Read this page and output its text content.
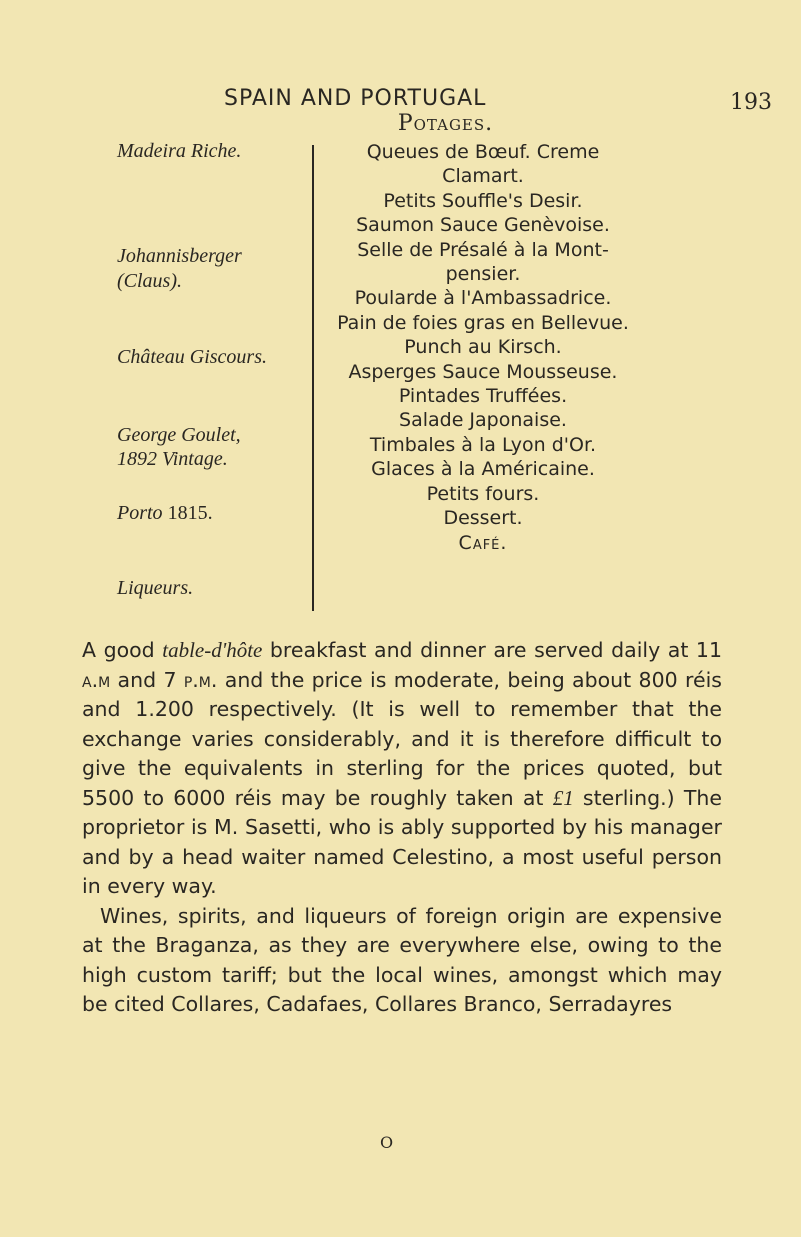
SPAIN AND PORTUGAL	193
Potages.
Madeira Riche.
Johannisberger
(Claus).
Château Giscours.
George Goulet,
1892 Vintage.
Porto 1815.
Liqueurs.
Queues de Bœuf. Creme
Clamart.
Petits Souffle's Desir.
Saumon Sauce Genèvoise.
Selle de Présalé à la Mont-
pensier.
Poularde à l'Ambassadrice.
Pain de foies gras en Bellevue.
Punch au Kirsch.
Asperges Sauce Mousseuse.
Pintades Truffées.
Salade Japonaise.
Timbales à la Lyon d'Or.
Glaces à la Américaine.
Petits fours.
Dessert.
Café.

A good table-d'hôte breakfast and dinner are served daily at 11 a.m and 7 p.m. and the price is moderate, being about 800 réis and 1.200 respectively. (It is well to remember that the exchange varies considerably, and it is therefore difficult to give the equivalents in sterling for the prices quoted, but 5500 to 6000 réis may be roughly taken at £1 sterling.) The proprietor is M. Sasetti, who is ably supported by his manager and by a head waiter named Celestino, a most useful person in every way.

Wines, spirits, and liqueurs of foreign origin are expensive at the Braganza, as they are everywhere else, owing to the high custom tariff; but the local wines, amongst which may be cited Collares, Cadafaes, Collares Branco, Serradayres

O
